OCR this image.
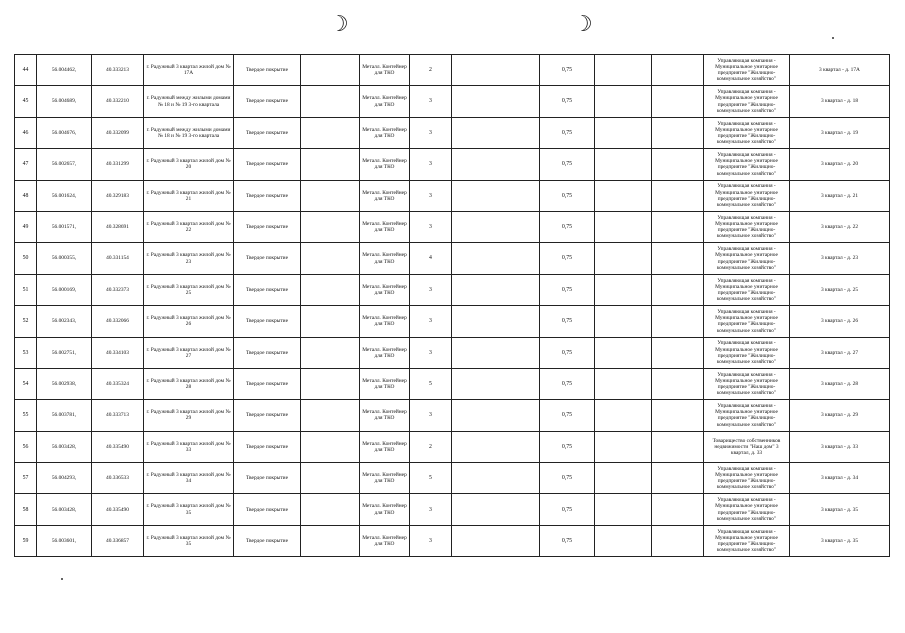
☽	☽
44	56.004462,	40.333213	г. Радужный 3 квартал жилой дом № 17А	Твердое покрытие		Металл. Контейнер для ТКО	2		0,75			Управляющая компания - Муниципальное унитарное предприятие "Жилищно-коммунальное хозяйство"	3 квартал - д. 17А
45	56.004689,	40.332210	г. Радужный между жилыми домами № 18 и № 19 3-го квартала	Твердое покрытие		Металл. Контейнер для ТКО	3		0,75			Управляющая компания - Муниципальное унитарное предприятие "Жилищно-коммунальное хозяйство"	3 квартал - д. 18
46	56.004676,	40.332099	г. Радужный между жилыми домами № 18 и № 19 3-го квартала	Твердое покрытие		Металл. Контейнер для ТКО	3		0,75			Управляющая компания - Муниципальное унитарное предприятие "Жилищно-коммунальное хозяйство"	3 квартал - д. 19
47	56.002657,	40.331299	г. Радужный 3 квартал жилой дом № 20	Твердое покрытие		Металл. Контейнер для ТКО	3		0,75			Управляющая компания - Муниципальное унитарное предприятие "Жилищно-коммунальное хозяйство"	3 квартал - д. 20
48	56.001624,	40.329183	г. Радужный 3 квартал жилой дом № 21	Твердое покрытие		Металл. Контейнер для ТКО	3		0,75			Управляющая компания - Муниципальное унитарное предприятие "Жилищно-коммунальное хозяйство"	3 квартал - д. 21
49	56.001571,	40.328691	г. Радужный 3 квартал жилой дом № 22	Твердое покрытие		Металл. Контейнер для ТКО	3		0,75			Управляющая компания - Муниципальное унитарное предприятие "Жилищно-коммунальное хозяйство"	3 квартал - д. 22
50	56.000355,	40.331154	г. Радужный 3 квартал жилой дом № 23	Твердое покрытие		Металл. Контейнер для ТКО	4		0,75			Управляющая компания - Муниципальное унитарное предприятие "Жилищно-коммунальное хозяйство"	3 квартал - д. 23
51	56.000169,	40.332373	г. Радужный 3 квартал жилой дом № 25	Твердое покрытие		Металл. Контейнер для ТКО	3		0,75			Управляющая компания - Муниципальное унитарное предприятие "Жилищно-коммунальное хозяйство"	3 квартал - д. 25
52	56.002343,	40.332066	г. Радужный 3 квартал жилой дом № 26	Твердое покрытие		Металл. Контейнер для ТКО	3		0,75			Управляющая компания - Муниципальное унитарное предприятие "Жилищно-коммунальное хозяйство"	3 квартал - д. 26
53	56.002751,	40.334103	г. Радужный 3 квартал жилой дом № 27	Твердое покрытие		Металл. Контейнер для ТКО	3		0,75			Управляющая компания - Муниципальное унитарное предприятие "Жилищно-коммунальное хозяйство"	3 квартал - д. 27
54	56.002938,	40.335324	г. Радужный 3 квартал жилой дом № 28	Твердое покрытие		Металл. Контейнер для ТКО	5		0,75			Управляющая компания - Муниципальное унитарное предприятие "Жилищно-коммунальное хозяйство"	3 квартал - д. 28
55	56.003781,	40.333713	г. Радужный 3 квартал жилой дом № 29	Твердое покрытие		Металл. Контейнер для ТКО	3		0,75			Управляющая компания - Муниципальное унитарное предприятие "Жилищно-коммунальное хозяйство"	3 квартал - д. 29
56	56.003428,	40.335490	г. Радужный 3 квартал жилой дом № 33	Твердое покрытие		Металл. Контейнер для ТКО	2		0,75			Товарищество собственников недвижимости "Наш дом" 3 квартал, д. 33	3 квартал - д. 33
57	56.004293,	40.336533	г. Радужный 3 квартал жилой дом № 34	Твердое покрытие		Металл. Контейнер для ТКО	5		0,75			Управляющая компания - Муниципальное унитарное предприятие "Жилищно-коммунальное хозяйство"	3 квартал - д. 34
58	56.003428,	40.335490	г. Радужный 3 квартал жилой дом № 35	Твердое покрытие		Металл. Контейнер для ТКО	3		0,75			Управляющая компания - Муниципальное унитарное предприятие "Жилищно-коммунальное хозяйство"	3 квартал - д. 35
59	56.003601,	40.336857	г. Радужный 3 квартал жилой дом № 35	Твердое покрытие		Металл. Контейнер для ТКО	3		0,75			Управляющая компания - Муниципальное унитарное предприятие "Жилищно-коммунальное хозяйство"	3 квартал - д. 35
